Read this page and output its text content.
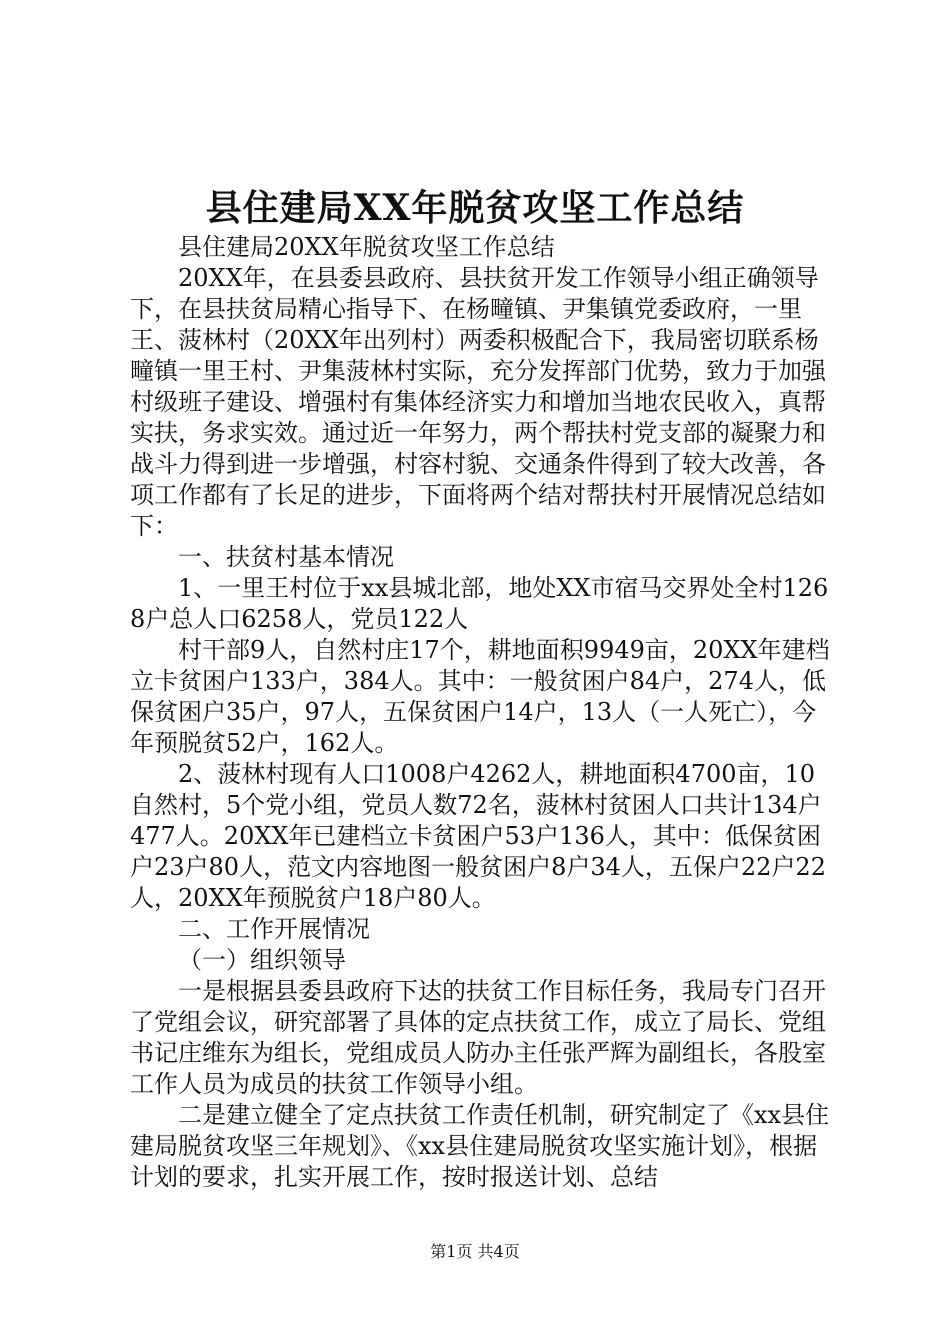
县住建局XX年脱贫攻坚工作总结

县住建局20XX年脱贫攻坚工作总结

20XX年，在县委县政府、县扶贫开发工作领导小组正确领导下，在县扶贫局精心指导下、在杨疃镇、尹集镇党委政府，一里王、菠林村（20XX年出列村）两委积极配合下，我局密切联系杨疃镇一里王村、尹集菠林村实际，充分发挥部门优势，致力于加强村级班子建设、增强村有集体经济实力和增加当地农民收入，真帮实扶，务求实效。通过近一年努力，两个帮扶村党支部的凝聚力和战斗力得到进一步增强，村容村貌、交通条件得到了较大改善，各项工作都有了长足的进步，下面将两个结对帮扶村开展情况总结如下：

一、扶贫村基本情况

1、一里王村位于xx县城北部，地处XX市宿马交界处全村1268户总人口6258人，党员122人

村干部9人，自然村庄17个，耕地面积9949亩，20XX年建档立卡贫困户133户，384人。其中：一般贫困户84户，274人，低保贫困户35户，97人，五保贫困户14户，13人（一人死亡），今年预脱贫52户，162人。

2、菠林村现有人口1008户4262人，耕地面积4700亩，10自然村，5个党小组，党员人数72名，菠林村贫困人口共计134户477人。20XX年已建档立卡贫困户53户136人，其中：低保贫困户23户80人，范文内容地图一般贫困户8户34人，五保户22户22人，20XX年预脱贫户18户80人。

二、工作开展情况

（一）组织领导

一是根据县委县政府下达的扶贫工作目标任务，我局专门召开了党组会议，研究部署了具体的定点扶贫工作，成立了局长、党组书记庄维东为组长，党组成员人防办主任张严辉为副组长，各股室工作人员为成员的扶贫工作领导小组。

二是建立健全了定点扶贫工作责任机制，研究制定了《xx县住建局脱贫攻坚三年规划》、《xx县住建局脱贫攻坚实施计划》，根据计划的要求，扎实开展工作，按时报送计划、总结

第1页 共4页
